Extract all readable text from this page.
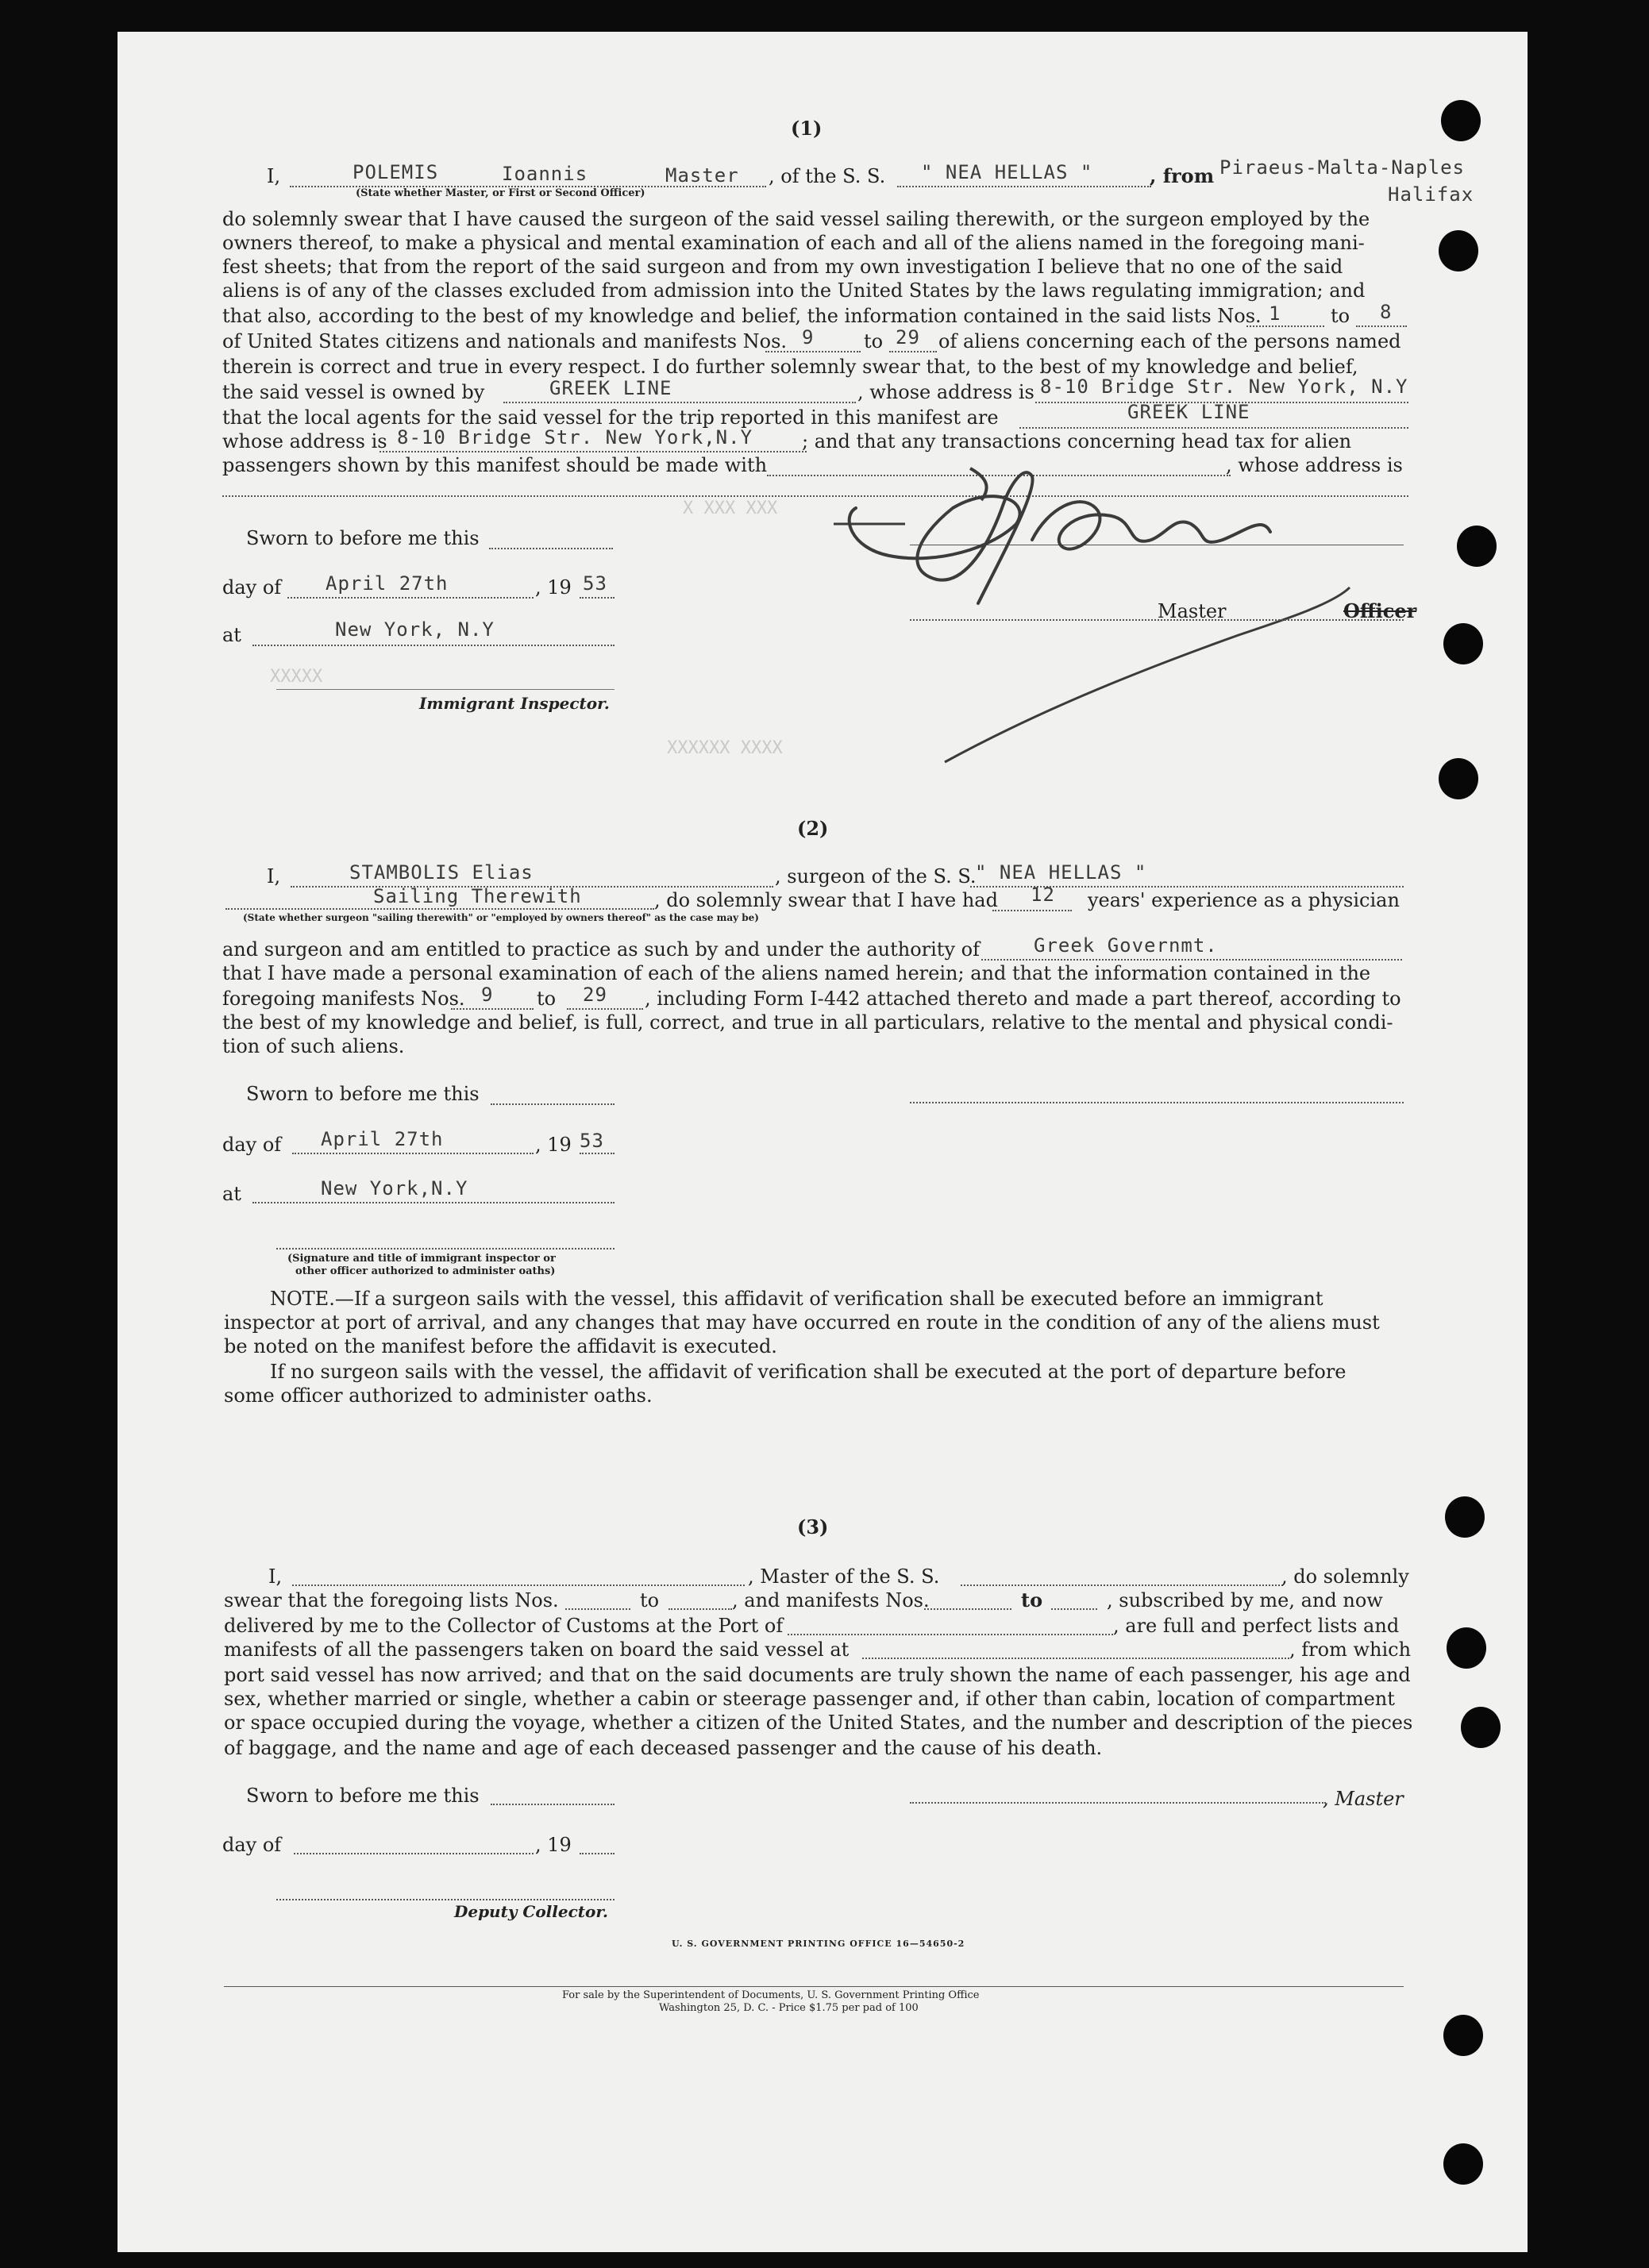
X XXX XXX
XXXXX
XXXXXX XXXX
(1)
I,	POLEMIS	Ioannis	Master
(State whether Master, or First or Second Officer)
, of the S. S. " NEA HELLAS "	, from Piraeus-Malta-Naples
Halifax
do solemnly swear that I have caused the surgeon of the said vessel sailing therewith, or the surgeon employed by the
owners thereof, to make a physical and mental examination of each and all of the aliens named in the foregoing mani-
fest sheets; that from the report of the said surgeon and from my own investigation I believe that no one of the said
aliens is of any of the classes excluded from admission into the United States by the laws regulating immigration; and
that also, according to the best of my knowledge and belief, the information contained in the said lists Nos. 1	to 8
of United States citizens and nationals and manifests Nos. 9	to 29 of aliens concerning each of the persons named
therein is correct and true in every respect. I do further solemnly swear that, to the best of my knowledge and belief,
the said vessel is owned by	GREEK LINE	, whose address is 8-10 Bridge Str. New York, N.Y
that the local agents for the said vessel for the trip reported in this manifest are	GREEK LINE
whose address is 8-10 Bridge Str. New York,N.Y	; and that any transactions concerning head tax for alien
passengers shown by this manifest should be made with	, whose address is
Sworn to before me this
day of April 27th	, 19 53
at	New York, N.Y
Immigrant Inspector.
Master	Officer
(2)
I,	STAMBOLIS Elias	, surgeon of the S. S.
" NEA HELLAS "
Sailing Therewith	, do solemnly swear that I have had 12 years' experience as a physician
(State whether surgeon "sailing therewith" or "employed by owners thereof" as the case may be)
and surgeon and am entitled to practice as such by and under the authority of	Greek Governmt.
that I have made a personal examination of each of the aliens named herein; and that the information contained in the
foregoing manifests Nos. 9 to 29 , including Form I-442 attached thereto and made a part thereof, according to
the best of my knowledge and belief, is full, correct, and true in all particulars, relative to the mental and physical condi-
tion of such aliens.
Sworn to before me this
day of April 27th	, 19 53
at	New York,N.Y
(Signature and title of immigrant inspector or
other officer authorized to administer oaths)
NOTE.—If a surgeon sails with the vessel, this affidavit of verification shall be executed before an immigrant
inspector at port of arrival, and any changes that may have occurred en route in the condition of any of the aliens must
be noted on the manifest before the affidavit is executed.
If no surgeon sails with the vessel, the affidavit of verification shall be executed at the port of departure before
some officer authorized to administer oaths.
(3)
I,	, Master of the S. S.	, do solemnly
swear that the foregoing lists Nos.	to	, and manifests Nos.	to	, subscribed by me, and now
delivered by me to the Collector of Customs at the Port of	, are full and perfect lists and
manifests of all the passengers taken on board the said vessel at	, from which
port said vessel has now arrived; and that on the said documents are truly shown the name of each passenger, his age and
sex, whether married or single, whether a cabin or steerage passenger and, if other than cabin, location of compartment
or space occupied during the voyage, whether a citizen of the United States, and the number and description of the pieces
of baggage, and the name and age of each deceased passenger and the cause of his death.
Sworn to before me this	, Master
day of	, 19
Deputy Collector.
U. S. GOVERNMENT PRINTING OFFICE 16—54650-2
For sale by the Superintendent of Documents, U. S. Government Printing Office
Washington 25, D. C. - Price $1.75 per pad of 100
